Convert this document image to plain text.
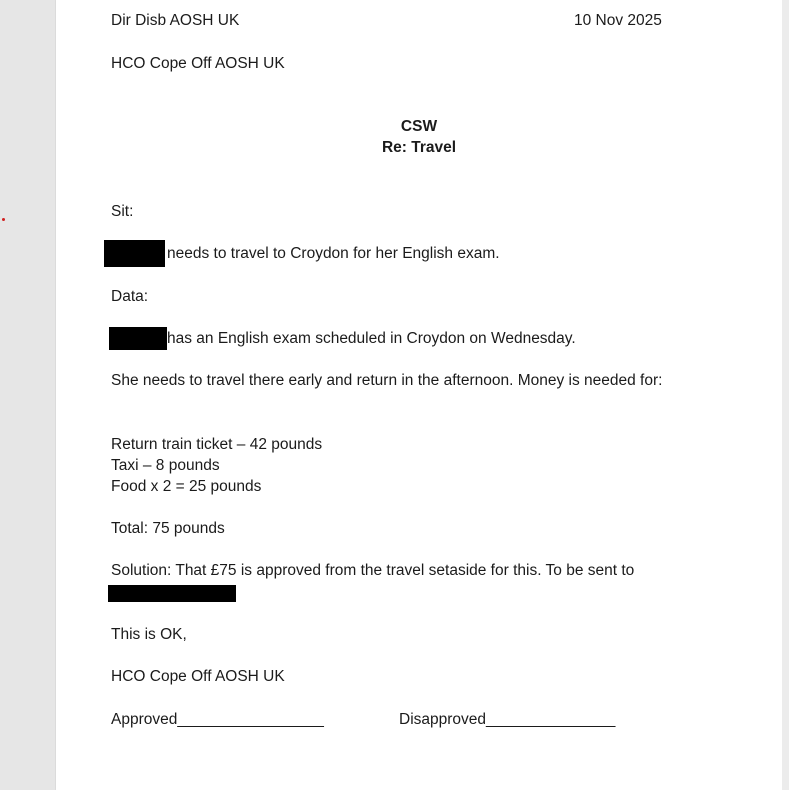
Dir Disb AOSH UK	10 Nov 2025
HCO Cope Off AOSH UK
CSW
Re: Travel
Sit:
needs to travel to Croydon for her English exam.
Data:
has an English exam scheduled in Croydon on Wednesday.
She needs to travel there early and return in the afternoon. Money is needed for:
Return train ticket – 42 pounds
Taxi – 8 pounds
Food x 2 = 25 pounds
Total: 75 pounds
Solution: That £75 is approved from the travel setaside for this. To be sent to
This is OK,
HCO Cope Off AOSH UK
Approved_________________	Disapproved_______________
